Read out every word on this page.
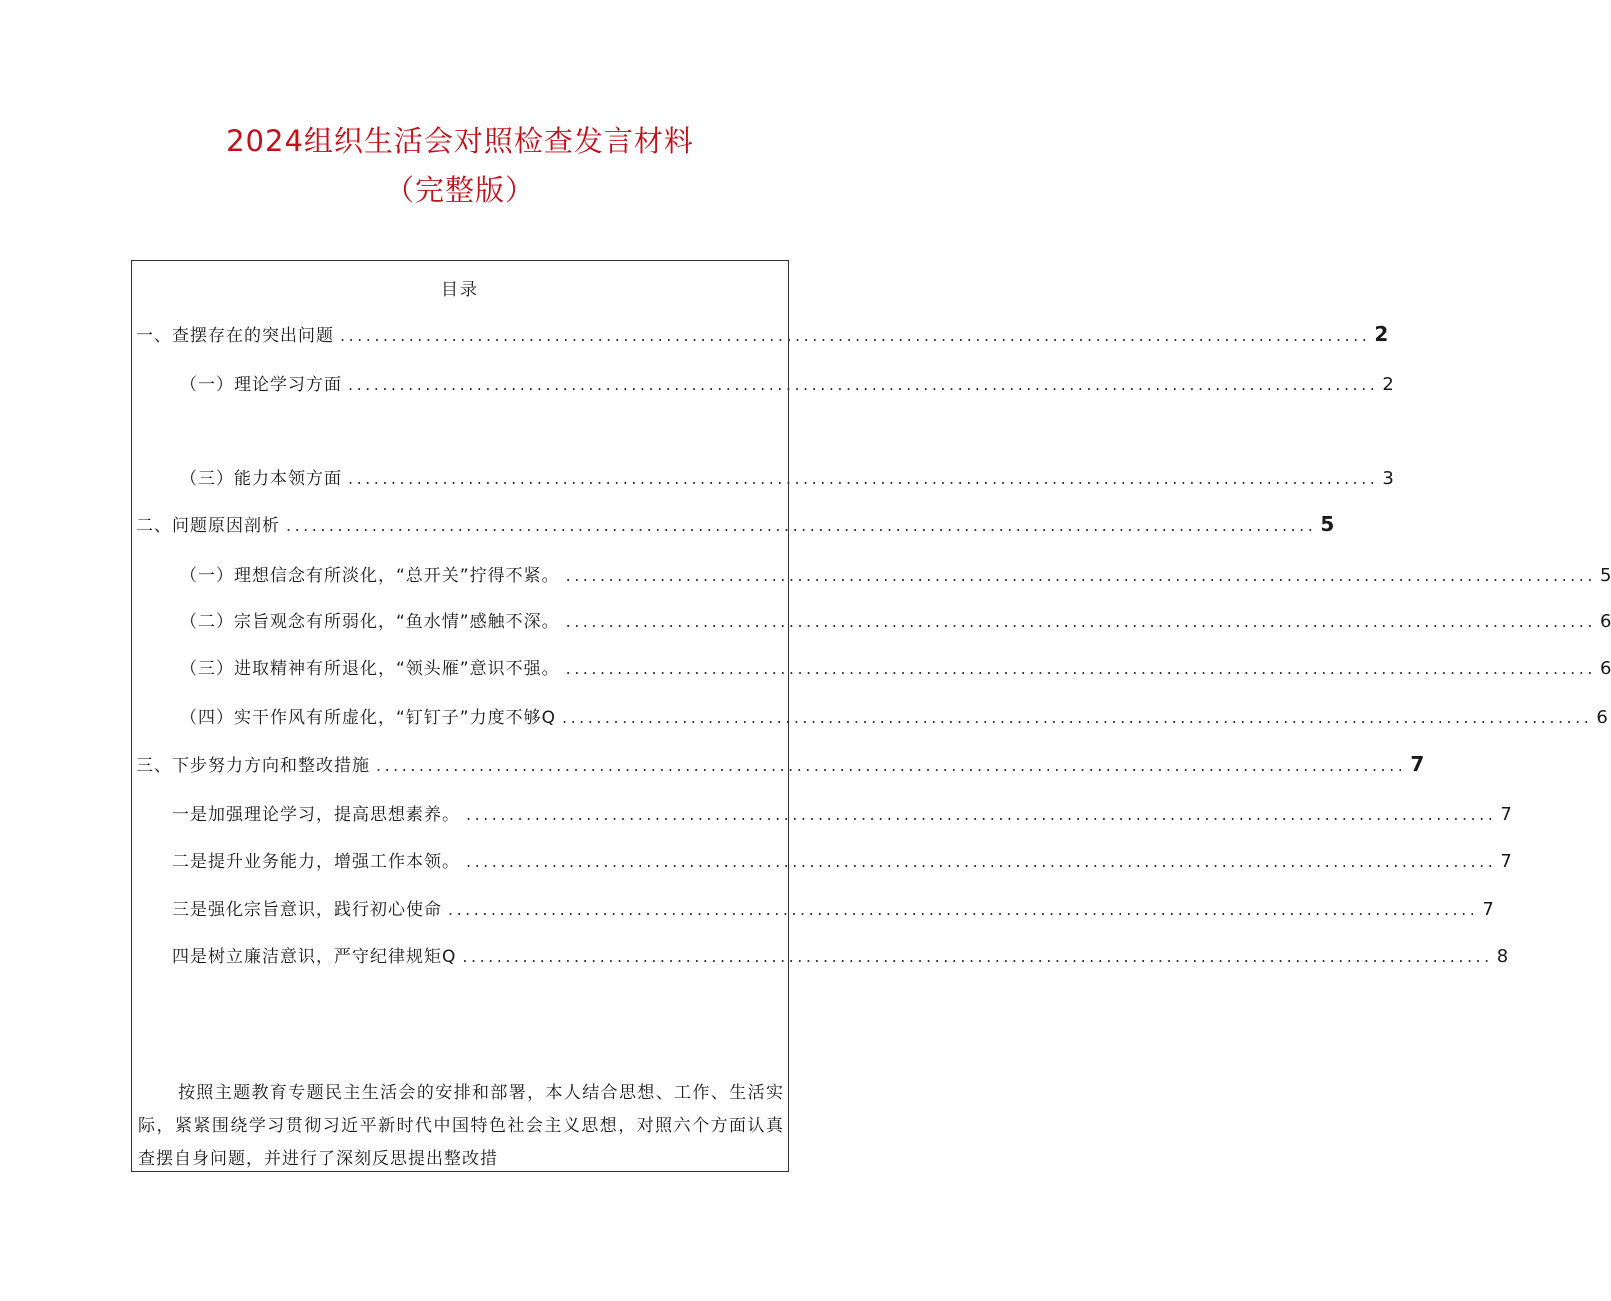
2024组织生活会对照检查发言材料
（完整版）
目录
一、查摆存在的突出问题 ........................................................................................................................ 2
（一）理论学习方面 ........................................................................................................................ 2
（三）能力本领方面 ........................................................................................................................ 3
二、问题原因剖析 ........................................................................................................................ 5
（一）理想信念有所淡化，“总开关”拧得不紧。 ........................................................................................................................ 5
（二）宗旨观念有所弱化，“鱼水情”感触不深。 ........................................................................................................................ 6
（三）进取精神有所退化，“领头雁”意识不强。 ........................................................................................................................ 6
（四）实干作风有所虚化，“钉钉子”力度不够Q ........................................................................................................................ 6
三、下步努力方向和整改措施 ........................................................................................................................ 7
一是加强理论学习，提高思想素养。 ........................................................................................................................ 7
二是提升业务能力，增强工作本领。 ........................................................................................................................ 7
三是强化宗旨意识，践行初心使命 ........................................................................................................................ 7
四是树立廉洁意识，严守纪律规矩Q ........................................................................................................................ 8
按照主题教育专题民主生活会的安排和部署，本人结合思想、工作、生活实际，紧紧围绕学习贯彻习近平新时代中国特色社会主义思想，对照六个方面认真查摆自身问题，并进行了深刻反思提出整改措
